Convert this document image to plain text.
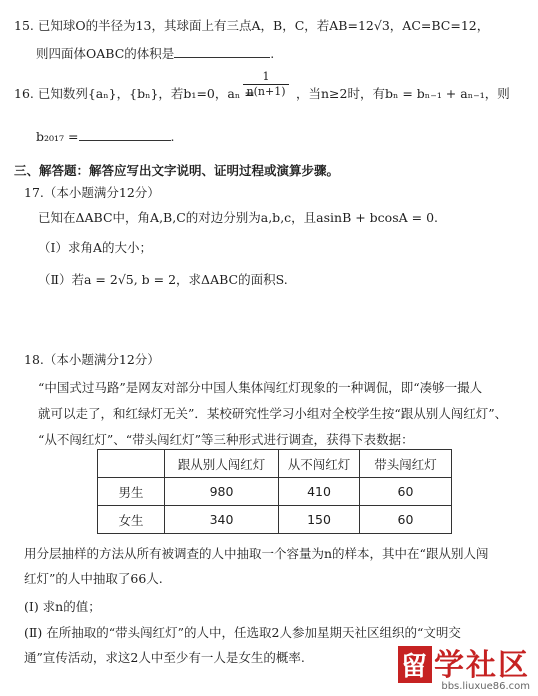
15. 已知球O的半径为13，其球面上有三点A，B，C，若AB=12√3，AC=BC=12，
则四面体OABC的体积是	.
16. 已知数列{aₙ}，{bₙ}，若b₁=0，aₙ =
1
n(n+1) ，当n≥2时，有bₙ = bₙ₋₁ + aₙ₋₁，则
b₂₀₁₇ =	.
三、解答题：解答应写出文字说明、证明过程或演算步骤。
17.（本小题满分12分）
已知在ΔABC中，角A,B,C的对边分别为a,b,c，且asinB + bcosA = 0.
（Ⅰ）求角A的大小；
（Ⅱ）若a = 2√5, b = 2，求ΔABC的面积S.
18.（本小题满分12分）
“中国式过马路”是网友对部分中国人集体闯红灯现象的一种调侃，即“凑够一撮人
就可以走了，和红绿灯无关”．某校研究性学习小组对全校学生按“跟从别人闯红灯”、
“从不闯红灯”、“带头闯红灯”等三种形式进行调查，获得下表数据：
	跟从别人闯红灯	从不闯红灯	带头闯红灯
男生	980	410	60
女生	340	150	60
用分层抽样的方法从所有被调查的人中抽取一个容量为n的样本，其中在“跟从别人闯
红灯”的人中抽取了66人.
(Ⅰ) 求n的值；
(Ⅱ) 在所抽取的“带头闯红灯”的人中，任选取2人参加星期天社区组织的“文明交
通”宣传活动，求这2人中至少有一人是女生的概率.	留 学社区
bbs.liuxue86.com
